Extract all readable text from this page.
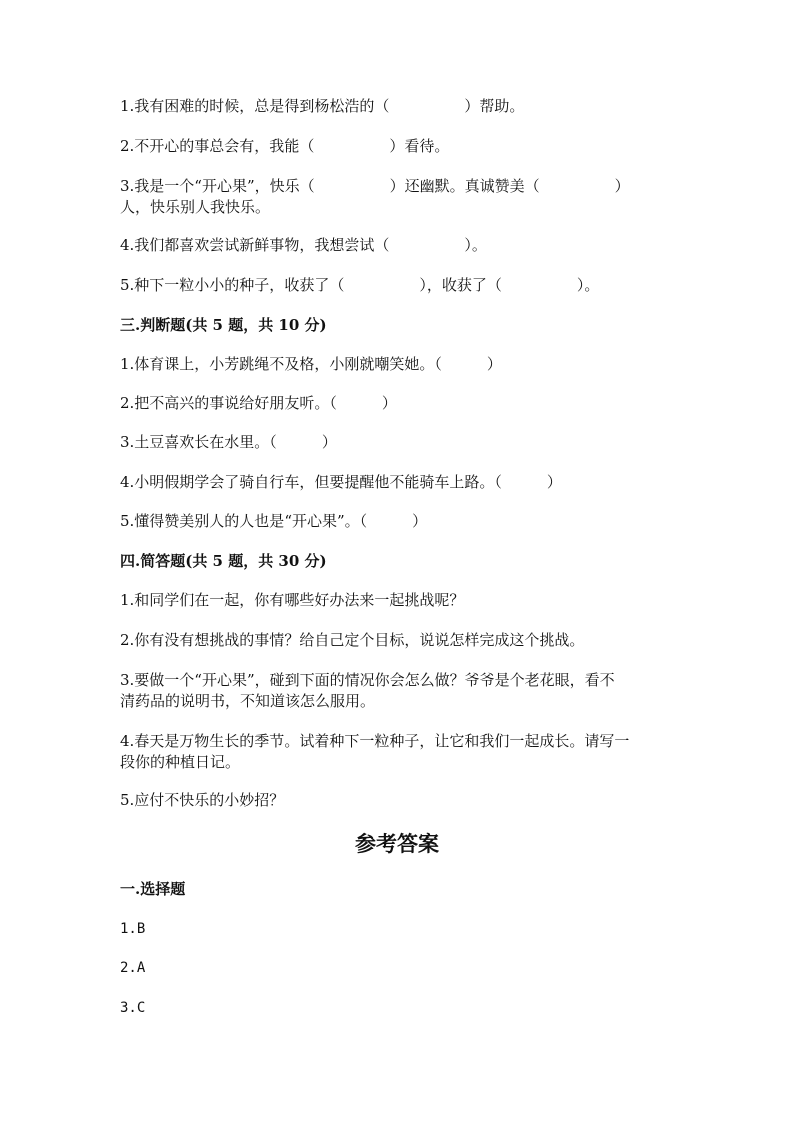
1.我有困难的时候，总是得到杨松浩的（　　　　　）帮助。
2.不开心的事总会有，我能（　　　　　）看待。
3.我是一个“开心果”，快乐（　　　　　）还幽默。真诚赞美（　　　　　）
人，快乐别人我快乐。
4.我们都喜欢尝试新鲜事物，我想尝试（　　　　　）。
5.种下一粒小小的种子，收获了（　　　　　），收获了（　　　　　）。
三.判断题(共 5 题，共 10 分)
1.体育课上，小芳跳绳不及格，小刚就嘲笑她。（　　　）
2.把不高兴的事说给好朋友听。（　　　）
3.土豆喜欢长在水里。（　　　）
4.小明假期学会了骑自行车，但要提醒他不能骑车上路。（　　　）
5.懂得赞美别人的人也是“开心果”。（　　　）
四.简答题(共 5 题，共 30 分)
1.和同学们在一起，你有哪些好办法来一起挑战呢？
2.你有没有想挑战的事情？给自己定个目标，说说怎样完成这个挑战。
3.要做一个“开心果”，碰到下面的情况你会怎么做？爷爷是个老花眼，看不
清药品的说明书，不知道该怎么服用。
4.春天是万物生长的季节。试着种下一粒种子，让它和我们一起成长。请写一
段你的种植日记。
5.应付不快乐的小妙招？
参考答案
一.选择题
1.B
2.A
3.C
